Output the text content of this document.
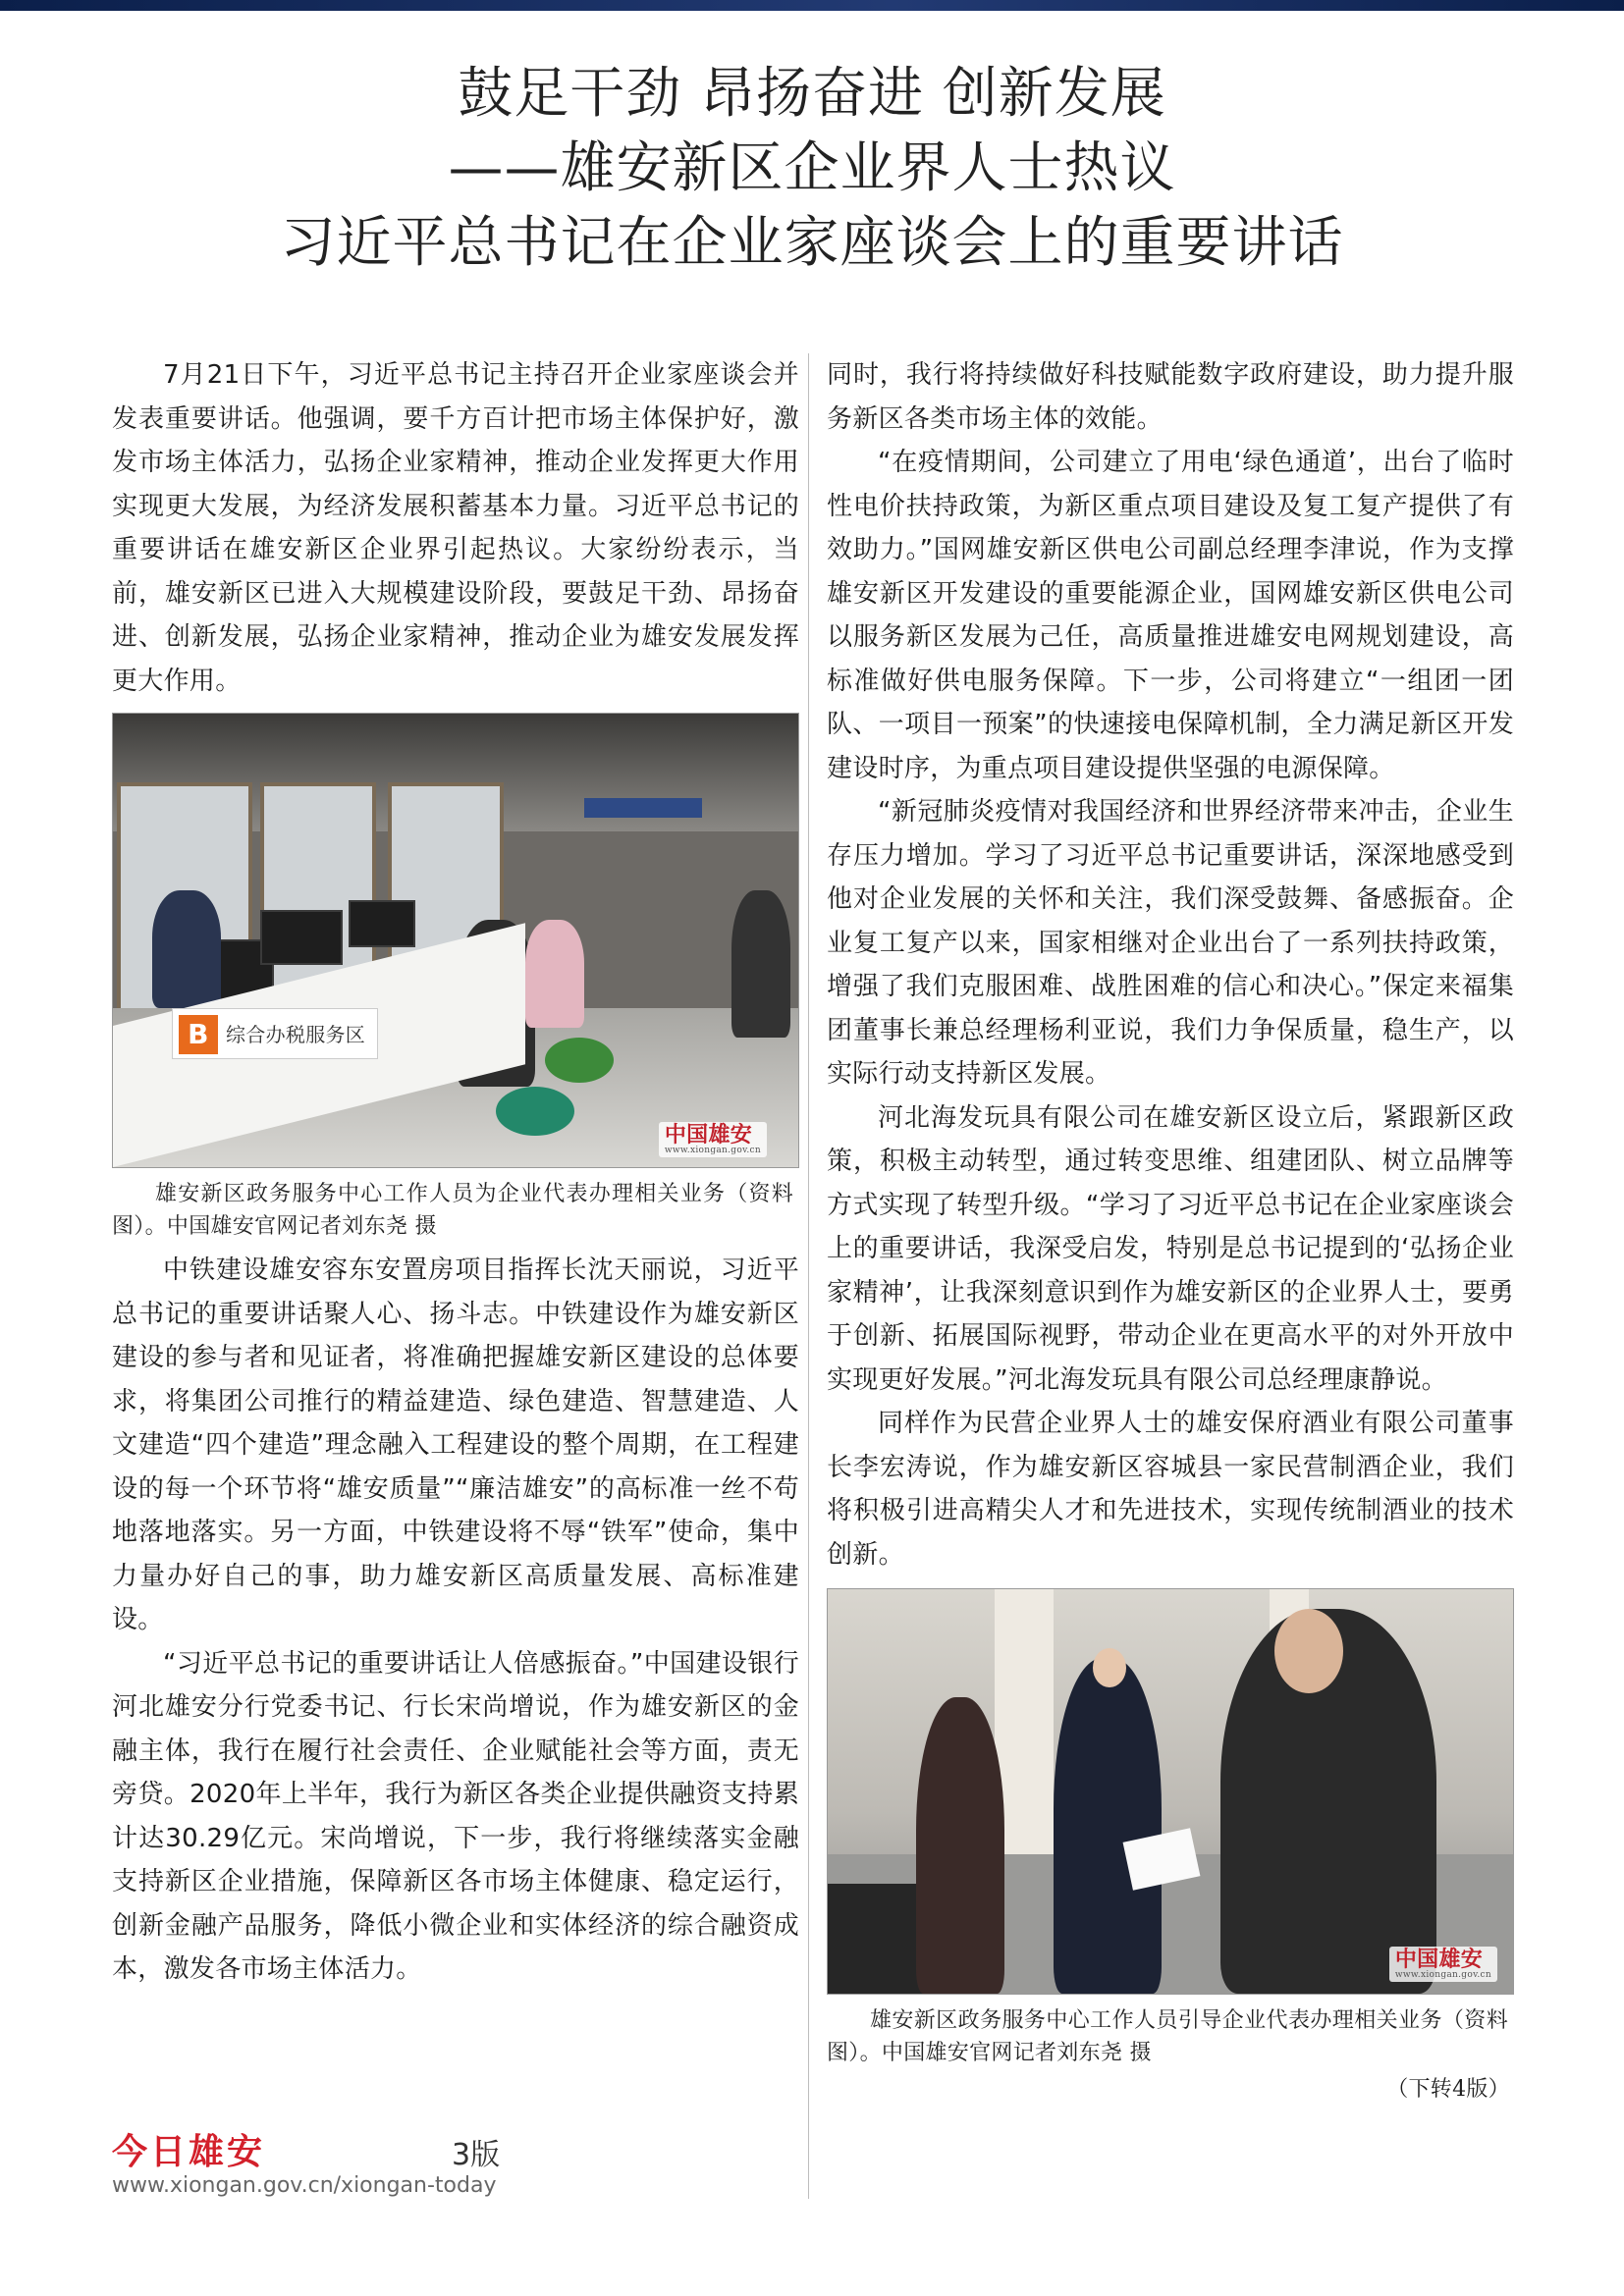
鼓足干劲 昂扬奋进 创新发展
——雄安新区企业界人士热议
习近平总书记在企业家座谈会上的重要讲话

7月21日下午，习近平总书记主持召开企业家座谈会并发表重要讲话。他强调，要千方百计把市场主体保护好，激发市场主体活力，弘扬企业家精神，推动企业发挥更大作用实现更大发展，为经济发展积蓄基本力量。习近平总书记的重要讲话在雄安新区企业界引起热议。大家纷纷表示，当前，雄安新区已进入大规模建设阶段，要鼓足干劲、昂扬奋进、创新发展，弘扬企业家精神，推动企业为雄安发展发挥更大作用。

B 综合办税服务区
中国雄安
www.xiongan.gov.cn
雄安新区政务服务中心工作人员为企业代表办理相关业务（资料图）。中国雄安官网记者刘东尧 摄

中铁建设雄安容东安置房项目指挥长沈天丽说，习近平总书记的重要讲话聚人心、扬斗志。中铁建设作为雄安新区建设的参与者和见证者，将准确把握雄安新区建设的总体要求，将集团公司推行的精益建造、绿色建造、智慧建造、人文建造“四个建造”理念融入工程建设的整个周期，在工程建设的每一个环节将“雄安质量”“廉洁雄安”的高标准一丝不苟地落地落实。另一方面，中铁建设将不辱“铁军”使命，集中力量办好自己的事，助力雄安新区高质量发展、高标准建设。

“习近平总书记的重要讲话让人倍感振奋。”中国建设银行河北雄安分行党委书记、行长宋尚增说，作为雄安新区的金融主体，我行在履行社会责任、企业赋能社会等方面，责无旁贷。2020年上半年，我行为新区各类企业提供融资支持累计达30.29亿元。宋尚增说，下一步，我行将继续落实金融支持新区企业措施，保障新区各市场主体健康、稳定运行，创新金融产品服务，降低小微企业和实体经济的综合融资成本，激发各市场主体活力。

同时，我行将持续做好科技赋能数字政府建设，助力提升服务新区各类市场主体的效能。

“在疫情期间，公司建立了用电‘绿色通道’，出台了临时性电价扶持政策，为新区重点项目建设及复工复产提供了有效助力。”国网雄安新区供电公司副总经理李津说，作为支撑雄安新区开发建设的重要能源企业，国网雄安新区供电公司以服务新区发展为己任，高质量推进雄安电网规划建设，高标准做好供电服务保障。下一步，公司将建立“一组团一团队、一项目一预案”的快速接电保障机制，全力满足新区开发建设时序，为重点项目建设提供坚强的电源保障。

“新冠肺炎疫情对我国经济和世界经济带来冲击，企业生存压力增加。学习了习近平总书记重要讲话，深深地感受到他对企业发展的关怀和关注，我们深受鼓舞、备感振奋。企业复工复产以来，国家相继对企业出台了一系列扶持政策，增强了我们克服困难、战胜困难的信心和决心。”保定来福集团董事长兼总经理杨利亚说，我们力争保质量，稳生产，以实际行动支持新区发展。

河北海发玩具有限公司在雄安新区设立后，紧跟新区政策，积极主动转型，通过转变思维、组建团队、树立品牌等方式实现了转型升级。“学习了习近平总书记在企业家座谈会上的重要讲话，我深受启发，特别是总书记提到的‘弘扬企业家精神’，让我深刻意识到作为雄安新区的企业界人士，要勇于创新、拓展国际视野，带动企业在更高水平的对外开放中实现更好发展。”河北海发玩具有限公司总经理康静说。

同样作为民营企业界人士的雄安保府酒业有限公司董事长李宏涛说，作为雄安新区容城县一家民营制酒企业，我们将积极引进高精尖人才和先进技术，实现传统制酒业的技术创新。

中国雄安
www.xiongan.gov.cn
雄安新区政务服务中心工作人员引导企业代表办理相关业务（资料图）。中国雄安官网记者刘东尧 摄
（下转4版）
今日雄安	3版
www.xiongan.gov.cn/xiongan-today
